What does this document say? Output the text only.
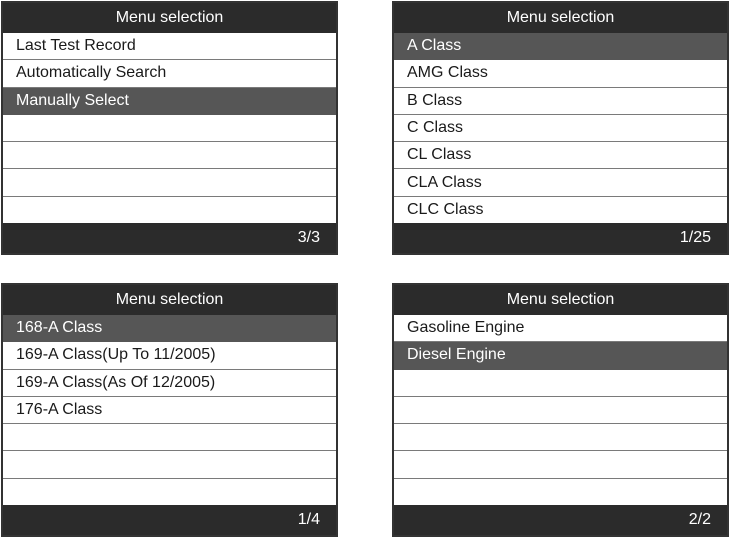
Menu selection
Last Test Record
Automatically Search
Manually Select
3/3
Menu selection
A Class
AMG Class
B Class
C Class
CL Class
CLA Class
CLC Class
1/25
Menu selection
168-A Class
169-A Class(Up To 11/2005)
169-A Class(As Of 12/2005)
176-A Class
1/4
Menu selection
Gasoline Engine
Diesel Engine
2/2
